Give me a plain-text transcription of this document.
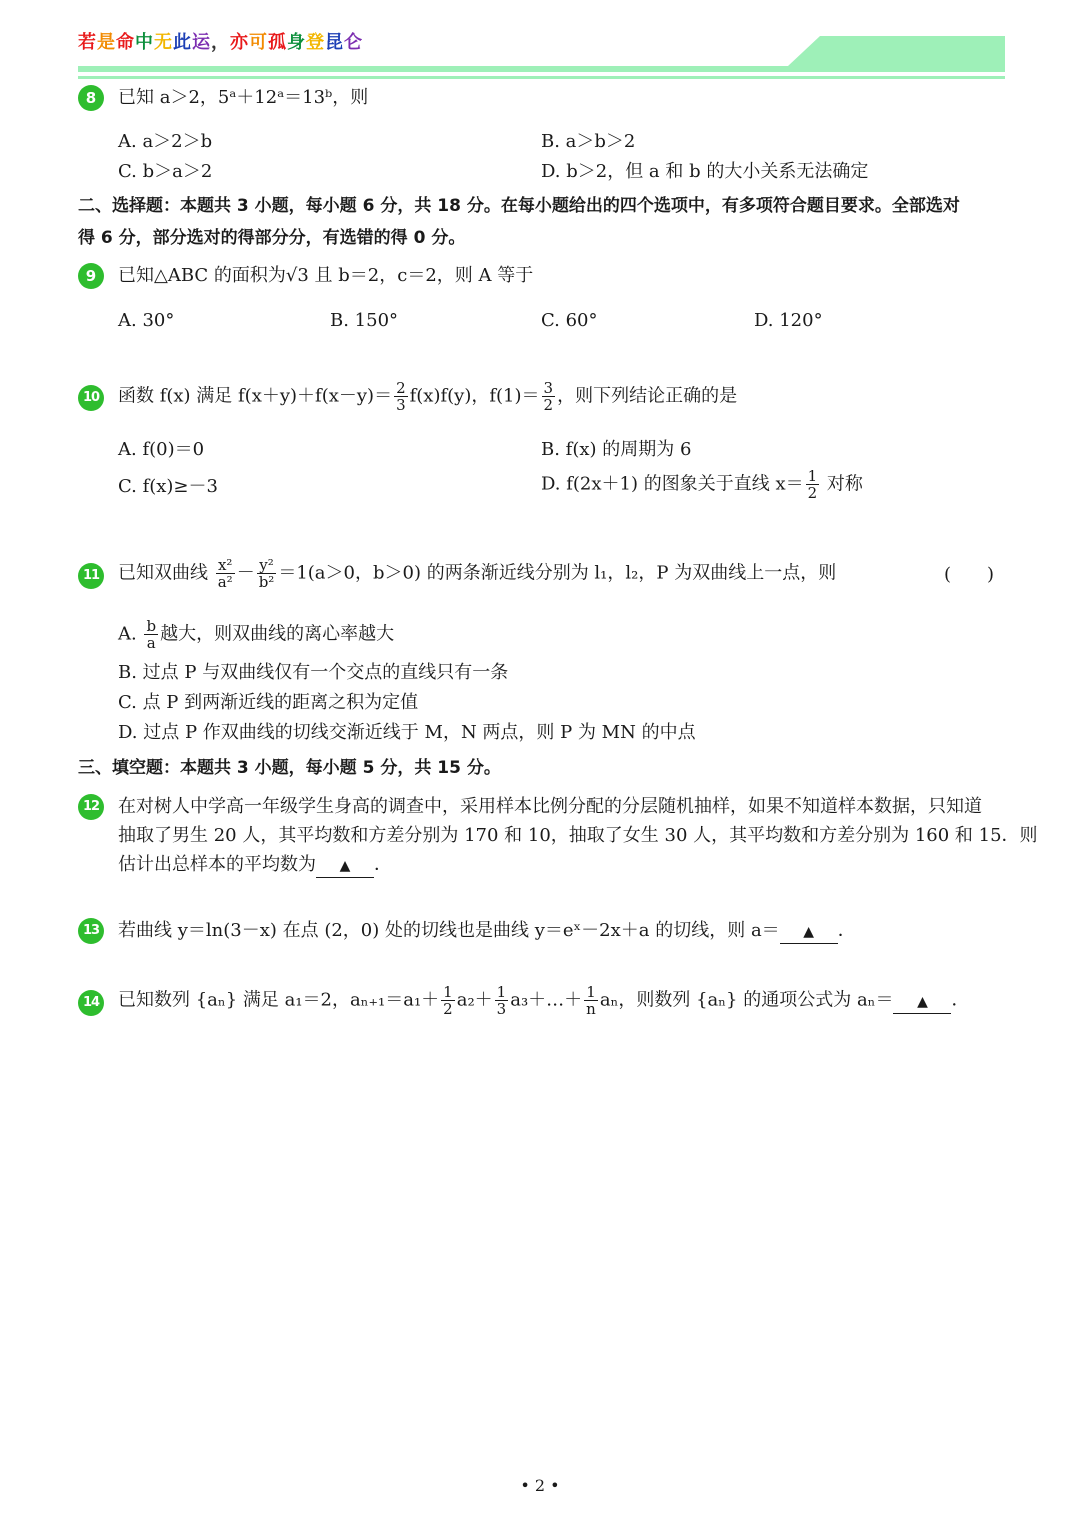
若是命中无此运，亦可孤身登昆仑
8	已知 a＞2，5ᵃ＋12ᵃ＝13ᵇ，则
A. a＞2＞b	B. a＞b＞2
C. b＞a＞2	D. b＞2，但 a 和 b 的大小关系无法确定
二、选择题：本题共 3 小题，每小题 6 分，共 18 分。在每小题给出的四个选项中，有多项符合题目要求。全部选对
得 6 分，部分选对的得部分分，有选错的得 0 分。
9	已知△ABC 的面积为√3 且 b＝2，c＝2，则 A 等于
A. 30°	B. 150°	C. 60°	D. 120°
10 函数 f(x) 满足 $f(x+y)+f(x-y)= \frac{2}{3} f(x)f(y)$，$f(1)= \frac{3}{2}$ ，则下列结论正确的是
A. f(0)＝0	B. f(x) 的周期为 6
C. f(x)≥－3	D. f(2x＋1) 的图象关于直线 $x= \frac{1}{2}$ 对称
11 已知双曲线 $\frac{\text{x²}}{\text{a²}} - \frac{\text{y²}}{\text{b²}} =1(a>0$，b＞0) 的两条渐近线分别为 l₁，l₂，P 为双曲线上一点，则	(　　)
A. $\frac{b}{a}$ 越大，则双曲线的离心率越大
B. 过点 P 与双曲线仅有一个交点的直线只有一条
C. 点 P 到两渐近线的距离之积为定值
D. 过点 P 作双曲线的切线交渐近线于 M，N 两点，则 P 为 MN 的中点
三、填空题：本题共 3 小题，每小题 5 分，共 15 分。
12 在对树人中学高一年级学生身高的调查中，采用样本比例分配的分层随机抽样，如果不知道样本数据，只知道
抽取了男生 20 人，其平均数和方差分别为 170 和 10，抽取了女生 30 人，其平均数和方差分别为 160 和 15．则
估计出总样本的平均数为 ▲ ．
13 若曲线 y＝ln(3－x) 在点 (2，0) 处的切线也是曲线 y＝eˣ－2x＋a 的切线，则 a＝ ▲ ．
14 已知数列 {aₙ} 满足 a₁＝2，$a_{n+1}=a_1+ \frac{1}{2} a_2+ \frac{1}{3}$ a₃＋…＋ $\frac{1}{n}$ aₙ，则数列 {aₙ} 的通项公式为 aₙ＝ ▲ ．
• 2 •
